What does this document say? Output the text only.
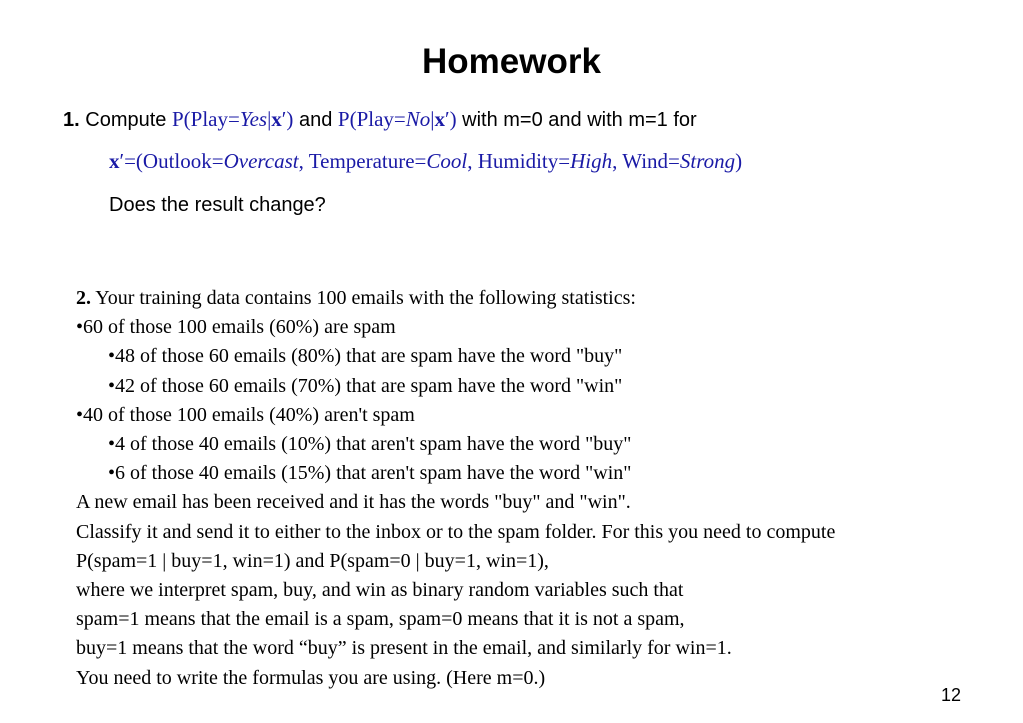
Homework
1. Compute P(Play=Yes|x′) and P(Play=No|x′) with m=0 and with m=1 for
x′=(Outlook=Overcast, Temperature=Cool, Humidity=High, Wind=Strong)
Does the result change?
2. Your training data contains 100 emails with the following statistics:
•60 of those 100 emails (60%) are spam
•48 of those 60 emails (80%) that are spam have the word "buy"
•42 of those 60 emails (70%) that are spam have the word "win"
•40 of those 100 emails (40%) aren't spam
•4 of those 40 emails (10%) that aren't spam have the word "buy"
•6 of those 40 emails (15%) that aren't spam have the word "win"
A new email has been received and it has the words "buy" and "win".
Classify it and send it to either to the inbox or to the spam folder. For this you need to compute
P(spam=1 | buy=1, win=1) and P(spam=0 | buy=1, win=1),
where we interpret spam, buy, and win as binary random variables such that
spam=1 means that the email is a spam, spam=0 means that it is not a spam,
buy=1 means that the word “buy” is present in the email, and similarly for win=1.
You need to write the formulas you are using. (Here m=0.)
12
